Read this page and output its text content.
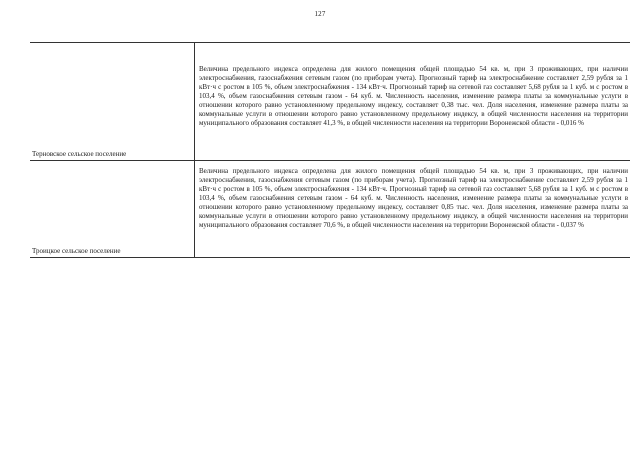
127
Терновское сельское поселение
Величина предельного индекса определена для жилого помещения общей площадью 54 кв. м, при 3 проживающих, при наличии электроснабжения, газоснабжения сетевым газом (по приборам учета). Прогнозный тариф на электроснабжение составляет 2,59 рубля за 1 кВт·ч с ростом в 105 %, объем электроснабжения - 134 кВт·ч. Прогнозный тариф на сетевой газ составляет 5,68 рубля за 1 куб. м с ростом в 103,4 %, объем газоснабжения сетевым газом - 64 куб. м. Численность населения, изменение размера платы за коммунальные услуги в отношении которого равно установленному предельному индексу, составляет 0,38 тыс. чел. Доля населения, изменение размера платы за коммунальные услуги в отношении которого равно установленному предельному индексу, в общей численности населения на территории муниципального образования составляет 41,3 %, в общей численности населения на территории Воронежской области - 0,016 %
Троицкое сельское поселение
Величина предельного индекса определена для жилого помещения общей площадью 54 кв. м, при 3 проживающих, при наличии электроснабжения, газоснабжения сетевым газом (по приборам учета). Прогнозный тариф на электроснабжение составляет 2,59 рубля за 1 кВт·ч с ростом в 105 %, объем электроснабжения - 134 кВт·ч. Прогнозный тариф на сетевой газ составляет 5,68 рубля за 1 куб. м с ростом в 103,4 %, объем газоснабжения сетевым газом - 64 куб. м. Численность населения, изменение размера платы за коммунальные услуги в отношении которого равно установленному предельному индексу, составляет 0,85 тыс. чел. Доля населения, изменение размера платы за коммунальные услуги в отношении которого равно установленному предельному индексу, в общей численности населения на территории муниципального образования составляет 70,6 %, в общей численности населения на территории Воронежской области - 0,037 %
